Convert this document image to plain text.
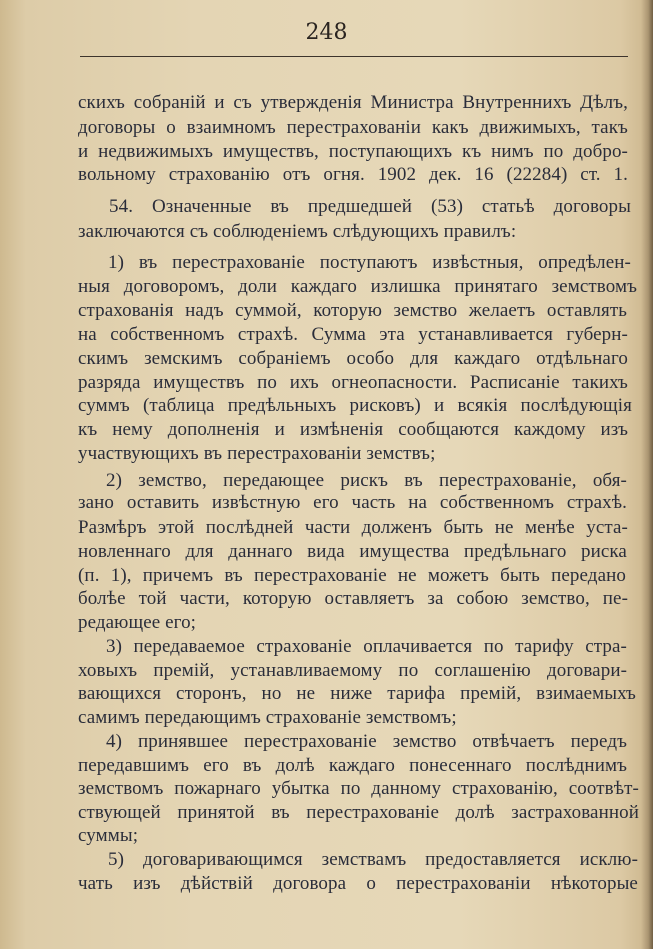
248
скихъ собраній и съ утвержденія Министра Внутреннихъ Дѣлъ,
договоры о взаимномъ перестрахованіи какъ движимыхъ, такъ
и недвижимыхъ имуществъ, поступающихъ къ нимъ по добро-
вольному страхованію отъ огня. 1902 дек. 16 (22284) ст. 1.
54. Означенные въ предшедшей (53) статьѣ договоры
заключаются съ соблюденіемъ слѣдующихъ правилъ:
1) въ перестрахованіе поступаютъ извѣстныя, опредѣлен-
ныя договоромъ, доли каждаго излишка принятаго земствомъ
страхованія надъ суммой, которую земство желаетъ оставлять
на собственномъ страхѣ. Сумма эта устанавливается губерн-
скимъ земскимъ собраніемъ особо для каждаго отдѣльнаго
разряда имуществъ по ихъ огнеопасности. Расписаніе такихъ
суммъ (таблица предѣльныхъ рисковъ) и всякія послѣдующія
къ нему дополненія и измѣненія сообщаются каждому изъ
участвующихъ въ перестрахованіи земствъ;
2) земство, передающее рискъ въ перестрахованіе, обя-
зано оставить извѣстную его часть на собственномъ страхѣ.
Размѣръ этой послѣдней части долженъ быть не менѣе уста-
новленнаго для даннаго вида имущества предѣльнаго риска
(п. 1), причемъ въ перестрахованіе не можетъ быть передано
болѣе той части, которую оставляетъ за собою земство, пе-
редающее его;
3) передаваемое страхованіе оплачивается по тарифу стра-
ховыхъ премій, устанавливаемому по соглашенію договари-
вающихся сторонъ, но не ниже тарифа премій, взимаемыхъ
самимъ передающимъ страхованіе земствомъ;
4) принявшее перестрахованіе земство отвѣчаетъ передъ
передавшимъ его въ долѣ каждаго понесеннаго послѣднимъ
земствомъ пожарнаго убытка по данному страхованію, соотвѣт-
ствующей принятой въ перестрахованіе долѣ застрахованной
суммы;
5) договаривающимся земствамъ предоставляется исклю-
чать изъ дѣйствій договора о перестрахованіи нѣкоторые
